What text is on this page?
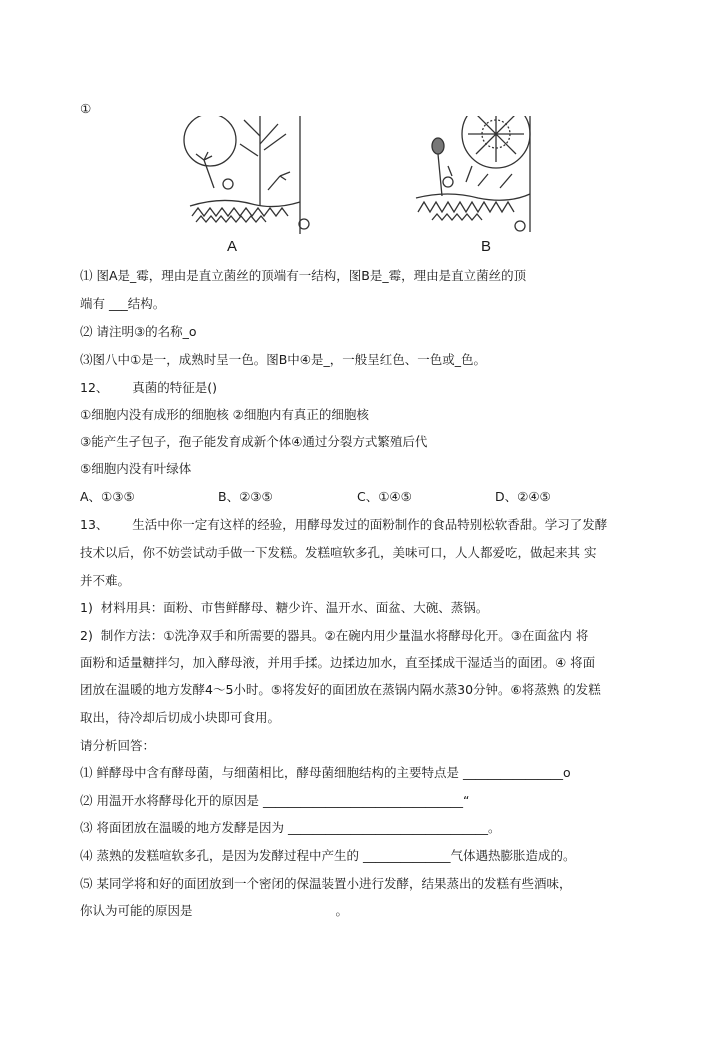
①
A	B
⑴ 图A是_霉，理由是直立菌丝的顶端有一结构，图B是_霉，理由是直立菌丝的顶
端有 ___结构。
⑵ 请注明③的名称_o
⑶图八中①是一，成熟时呈一色。图B中④是_，一般呈红色、一色或_色。
12、      真菌的特征是()
①细胞内没有成形的细胞核 ②细胞内有真正的细胞核
③能产生孑包子，孢子能发育成新个体④通过分裂方式繁殖后代
⑤细胞内没有叶绿体
A、①③⑤	B、②③⑤	C、①④⑤	D、②④⑤
13、      生活中你一定有这样的经验，用酵母发过的面粉制作的食品特别松软香甜。学习了发酵
技术以后，你不妨尝试动手做一下发糕。发糕喧软多孔，美味可口，人人都爱吃，做起来其 实
并不难。
1)  材料用具：面粉、市售鲜酵母、糖少许、温开水、面盆、大碗、蒸锅。
2)  制作方法：①洗净双手和所需要的器具。②在碗内用少量温水将酵母化开。③在面盆内 将
面粉和适量糖拌匀，加入酵母液，并用手揉。边揉边加水，直至揉成干湿适当的面团。④ 将面
团放在温暖的地方发酵4～5小时。⑤将发好的面团放在蒸锅内隔水蒸30分钟。⑥将蒸熟 的发糕
取出，待冷却后切成小块即可食用。
请分析回答：
⑴ 鲜酵母中含有酵母菌，与细菌相比，酵母菌细胞结构的主要特点是 ________________o
⑵ 用温开水将酵母化开的原因是 ________________________________“
⑶ 将面团放在温暖的地方发酵是因为 ________________________________。
⑷ 蒸熟的发糕喧软多孔，是因为发酵过程中产生的 ______________气体遇热膨胀造成的。
⑸ 某同学将和好的面团放到一个密闭的保温装置小进行发酵，结果蒸出的发糕有些酒味，
你认为可能的原因是                                    。
